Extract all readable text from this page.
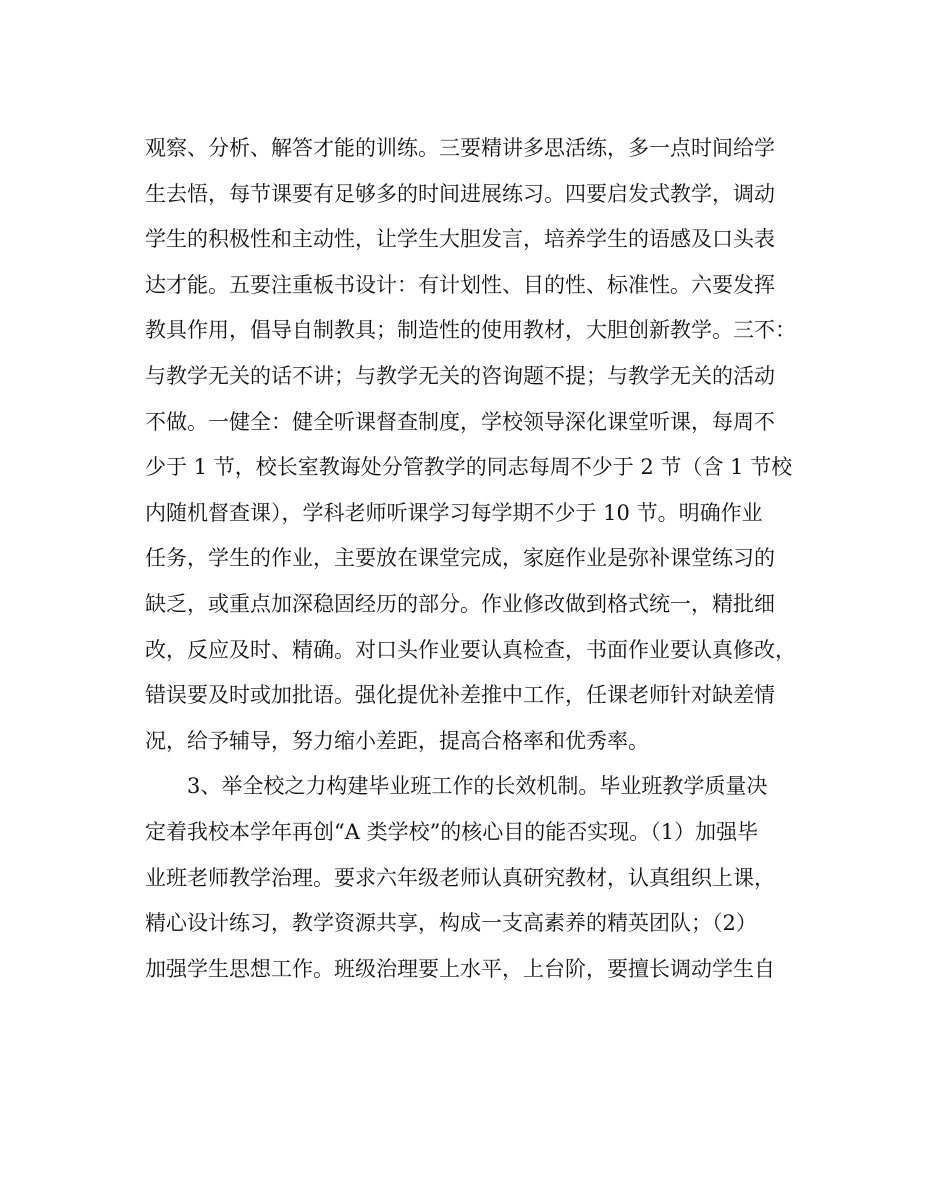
观察、分析、解答才能的训练。三要精讲多思活练，多一点时间给学
生去悟，每节课要有足够多的时间进展练习。四要启发式教学，调动
学生的积极性和主动性，让学生大胆发言，培养学生的语感及口头表
达才能。五要注重板书设计：有计划性、目的性、标准性。六要发挥
教具作用，倡导自制教具；制造性的使用教材，大胆创新教学。三不：
与教学无关的话不讲；与教学无关的咨询题不提；与教学无关的活动
不做。一健全：健全听课督查制度，学校领导深化课堂听课，每周不
少于 1 节，校长室教诲处分管教学的同志每周不少于 2 节（含 1 节校
内随机督查课），学科老师听课学习每学期不少于 10 节。明确作业
任务，学生的作业，主要放在课堂完成，家庭作业是弥补课堂练习的
缺乏，或重点加深稳固经历的部分。作业修改做到格式统一，精批细
改，反应及时、精确。对口头作业要认真检查，书面作业要认真修改，
错误要及时或加批语。强化提优补差推中工作，任课老师针对缺差情
况，给予辅导，努力缩小差距，提高合格率和优秀率。
3、举全校之力构建毕业班工作的长效机制。毕业班教学质量决
定着我校本学年再创“A 类学校”的核心目的能否实现。（1）加强毕
业班老师教学治理。要求六年级老师认真研究教材，认真组织上课，
精心设计练习，教学资源共享，构成一支高素养的精英团队；（2）
加强学生思想工作。班级治理要上水平，上台阶，要擅长调动学生自
